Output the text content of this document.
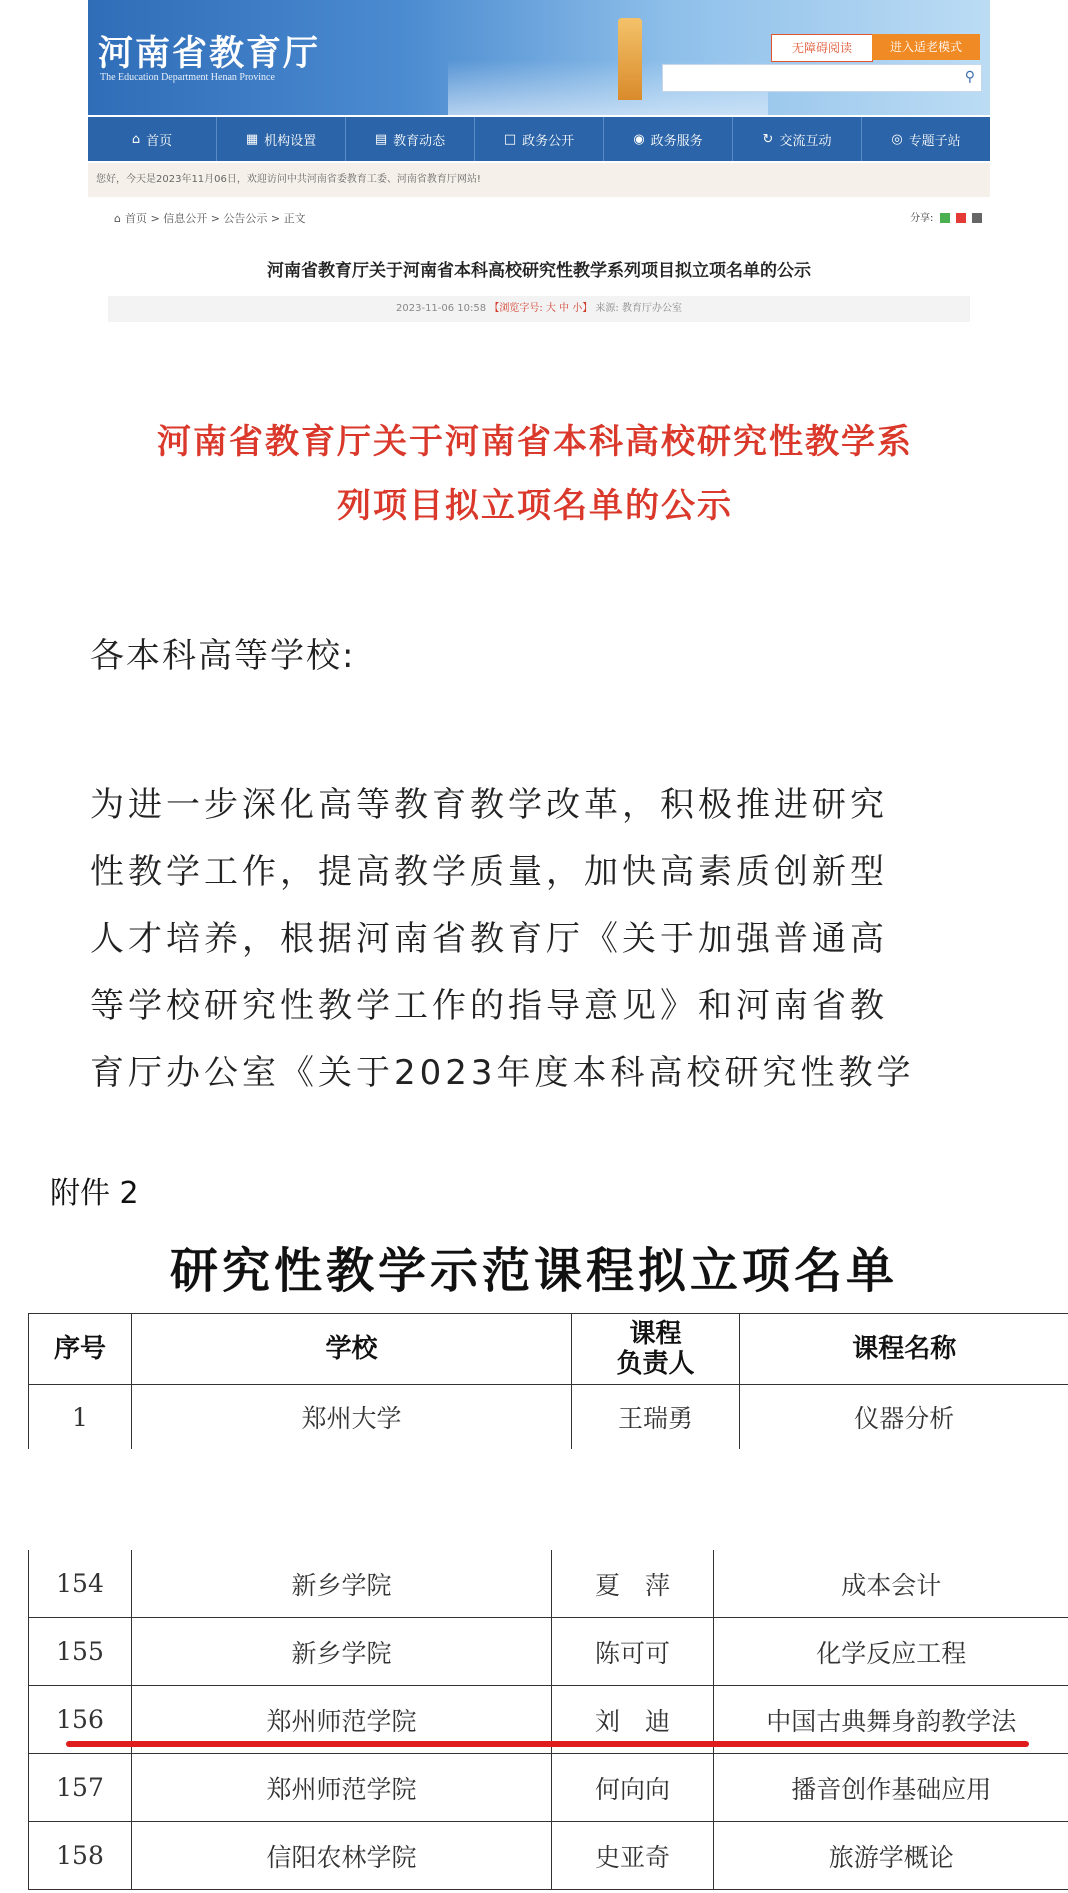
河南省教育厅
The Education Department Henan Province
无障碍阅读	进入适老模式
⚲
⌂ 首页	▦ 机构设置	▤ 教育动态	□ 政务公开	◉ 政务服务	↻ 交流互动	◎ 专题子站
您好，今天是2023年11月06日，欢迎访问中共河南省委教育工委、河南省教育厅网站!
⌂ 首页 > 信息公开 > 公告公示 > 正文	分享:
河南省教育厅关于河南省本科高校研究性教学系列项目拟立项名单的公示
2023-11-06 10:58 【浏览字号: 大 中 小】 来源: 教育厅办公室
河南省教育厅关于河南省本科高校研究性教学系
列项目拟立项名单的公示
各本科高等学校:
为进一步深化高等教育教学改革，积极推进研究
性教学工作，提高教学质量，加快高素质创新型
人才培养，根据河南省教育厅《关于加强普通高
等学校研究性教学工作的指导意见》和河南省教
育厅办公室《关于2023年度本科高校研究性教学
附件 2
研究性教学示范课程拟立项名单
序号	学校	课程
负责人	课程名称
1	郑州大学	王瑞勇	仪器分析
154	新乡学院	夏　萍	成本会计
155	新乡学院	陈可可	化学反应工程
156	郑州师范学院	刘　迪	中国古典舞身韵教学法
157	郑州师范学院	何向向	播音创作基础应用
158	信阳农林学院	史亚奇	旅游学概论
